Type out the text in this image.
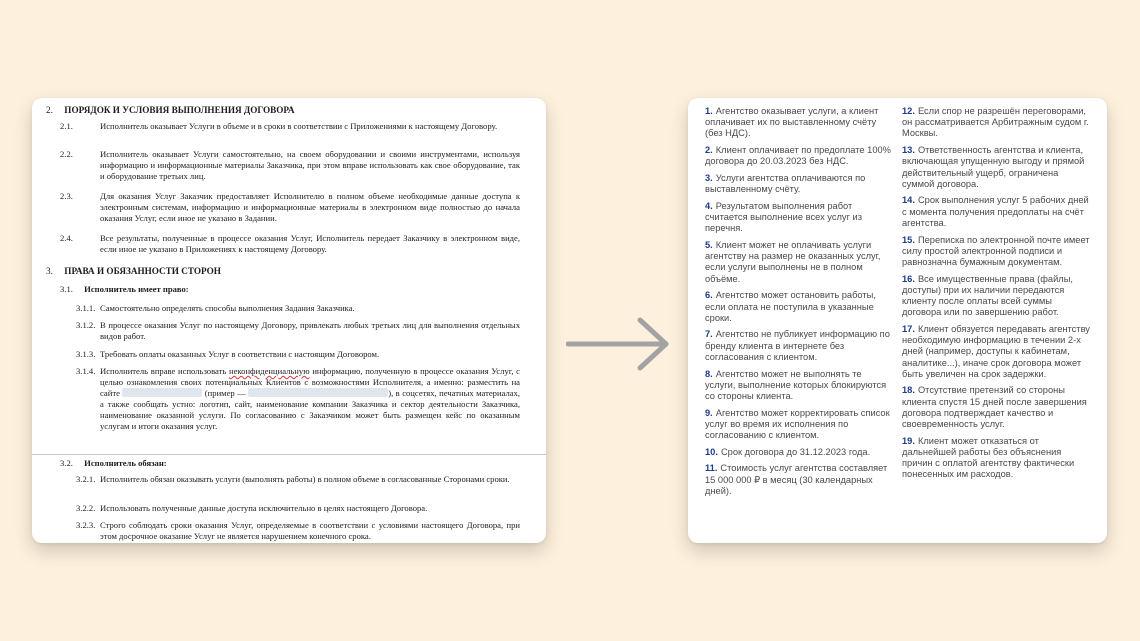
2. ПОРЯДОК И УСЛОВИЯ ВЫПОЛНЕНИЯ ДОГОВОРА
2.1.	Исполнитель оказывает Услуги в объеме и в сроки в соответствии с Приложениями к настоящему Договору.
2.2.	Исполнитель оказывает Услуги самостоятельно, на своем оборудовании и своими инструментами, используя информацию и информационные материалы Заказчика, при этом вправе использовать как свое оборудование, так и оборудование третьих лиц.
2.3.	Для оказания Услуг Заказчик предоставляет Исполнителю в полном объеме необходимые данные доступа к электронным системам, информацию и информационные материалы в электронном виде полностью до начала оказания Услуг, если иное не указано в Задании.
2.4.	Все результаты, полученные в процессе оказания Услуг, Исполнитель передает Заказчику в электронном виде, если иное не указано в Приложениях к настоящему Договору.
3. ПРАВА И ОБЯЗАННОСТИ СТОРОН
3.1. Исполнитель имеет право:
3.1.1. Самостоятельно определять способы выполнения Задания Заказчика.
3.1.2. В процессе оказания Услуг по настоящему Договору, привлекать любых третьих лиц для выполнения отдельных видов работ.
3.1.3. Требовать оплаты оказанных Услуг в соответствии с настоящим Договором.
3.1.4. Исполнитель вправе использовать неконфиденциальную информацию, полученную в процессе оказания Услуг, с целью ознакомления своих потенциальных Клиентов с возможностями Исполнителя, а именно: разместить на сайте	(пример —	), в соцсетях, печатных материалах, а также сообщать устно: логотип, сайт, наименование компании Заказчика и сектор деятельности Заказчика, наименование оказанной услуги. По согласованию с Заказчиком может быть размещен кейс по оказанным услугам и итоги оказания услуг.
3.2. Исполнитель обязан:
3.2.1. Исполнитель обязан оказывать услуги (выполнять работы) в полном объеме в согласованные Сторонами сроки.
3.2.2. Использовать полученные данные доступа исключительно в целях настоящего Договора.
3.2.3. Строго соблюдать сроки оказания Услуг, определяемые в соответствии с условиями настоящего Договора, при этом досрочное оказание Услуг не является нарушением конечного срока.
1. Агентство оказывает услуги, а клиент оплачивает их по выставленному счёту (без НДС).
2. Клиент оплачивает по предоплате 100% договора до 20.03.2023 без НДС.
3. Услуги агентства оплачиваются по выставленному счёту.
4. Результатом выполнения работ считается выполнение всех услуг из перечня.
5. Клиент может не оплачивать услуги агентству на размер не оказанных услуг, если услуги выполнены не в полном объёме.
6. Агентство может остановить работы, если оплата не поступила в указанные сроки.
7. Агентство не публикует информацию по бренду клиента в интернете без согласования с клиентом.
8. Агентство может не выполнять те услуги, выполнение которых блокируются со стороны клиента.
9. Агентство может корректировать список услуг во время их исполнения по согласованию с клиентом.
10. Срок договора до 31.12.2023 года.
11. Стоимость услуг агентства составляет 15 000 000 ₽ в месяц (30 календарных дней).
12. Если спор не разрешён переговорами, он рассматривается Арбитражным судом г. Москвы.
13. Ответственность агентства и клиента, включающая упущенную выгоду и прямой действительный ущерб, ограничена суммой договора.
14. Срок выполнения услуг 5 рабочих дней с момента получения предоплаты на счёт агентства.
15. Переписка по электронной почте имеет силу простой электронной подписи и равнозначна бумажным документам.
16. Все имущественные права (файлы, доступы) при их наличии передаются клиенту после оплаты всей суммы договора или по завершению работ.
17. Клиент обязуется передавать агентству необходимую информацию в течении 2-х дней (например, доступы к кабинетам, аналитике...), иначе срок договора может быть увеличен на срок задержки.
18. Отсутствие претензий со стороны клиента спустя 15 дней после завершения договора подтверждает качество и своевременность услуг.
19. Клиент может отказаться от дальнейшей работы без объяснения причин с оплатой агентству фактически понесенных им расходов.
